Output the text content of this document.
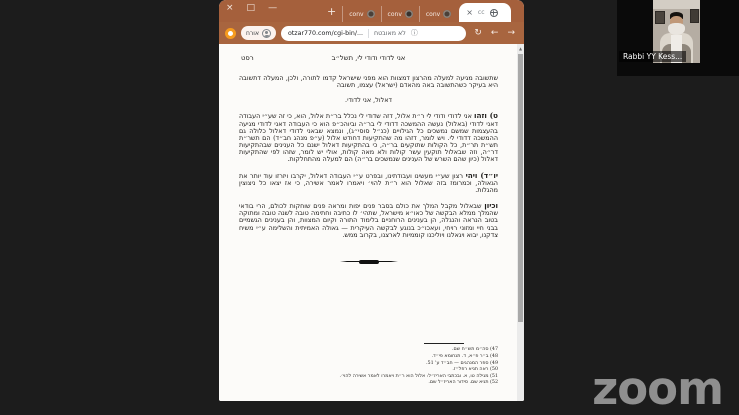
× □ —	+ conv	conv	conv	× cc
אורח	otzar770.com/cgi-bin/... לא מאובטח ⓘ	↻ ← →
אני לדודי ודודי לי, תשל״ב
רסט

שתשובה מגיעה למעלה מהרצון דמצוות הוא מפני שישראל קדמו לתורה, ולכן, המעלה דתשובה היא בעיקר כשהתשובה באה מהאדם (ישראל) עצמו, תשובה

דאלול, אני לדודי.

ט) וזהו אני לדודי ודודי לי ר״ת אלול, דזה שדודי לי נכלל בר״ת אלול, הוא, כי זה שע״י העבודה דאני לדודי (באלול) נעשה ההמשכה דדודי לי בר״ה וביוהכ״פ הוא כי העבודה דאני לדודי מגיעה בהעצמות שמשם נמשכים כל הגילויים (כנ״ל סוסי״ג), ונמצא שבאני לדודי דאלול כלולה גם ההמשכה דדודי לי. ויש לומר, דזהו מה שהתקיעות דחודש אלול (ע״פ מנהג חב״ד) הם תשר״ת תש״ת תר״ת, כל הקולות שתוקעים בר״ה, כי בהתקיעות דאלול ישנם כל הענינים שבהתקיעות דר״ה, וזה שבאלול תוקעין עשר קולות ולא מאה קולות, אולי יש לומר, שזהו לפי שהתקיעות דאלול (כיון שהם השרש של הענינים שנמשכים בר״ה) הם למעלה מהתחלקות.

יו״ד) ויהי רצון שע״י מעשינו ועבודתינו, ובפרט ע״י העבודה דאלול, יקרבו ויזרזו עוד יותר את הגאולה, וכמרומז בזה שאלול הוא ר״ת להוי׳ ויאמרו לאמר אשירה, כי אז יצאו כל ניצוצין מהגלות.

וכיון שבאלול מקבל המלך את כולם בסבר פנים יפות ומראה פנים שוחקות לכולם, הרי בודאי שהמלך ממלא הבקשה של כאו״א מישראל, שתהי׳ לו כתיבה וחתימה טובה לשנה טובה ומתוקה בטוב הנראה והנגלה, הן בענינים הרוחניים בלימוד התורה וקיום המצוות, והן בענינים הגשמיים בבני חיי ומזוני רויחי, ועאכו״כ בנוגע לבקשה העיקרית — גאולה האמיתית והשלימה ע״י משיח צדקנו, יבוא ויגאלנו ויוליכנו קוממיות לארצנו, בקרוב ממש.

47) סה״מ תש״ח שם.
48) ב״ר פ״א, ד. תנחומא פי״ד.
49) ספר המנהגים — חב״ד ע' 51.
50) ראה תניא רפל״ז.
51) מגילה טו, א. ובכתבי האריז״ל: אלול הוא ר״ת ויאמרו לאמר אשירה להוי׳.
52) תניא שם. סידור האריז״ל שם.
▲
Rabbi YY Kess...
zoom
